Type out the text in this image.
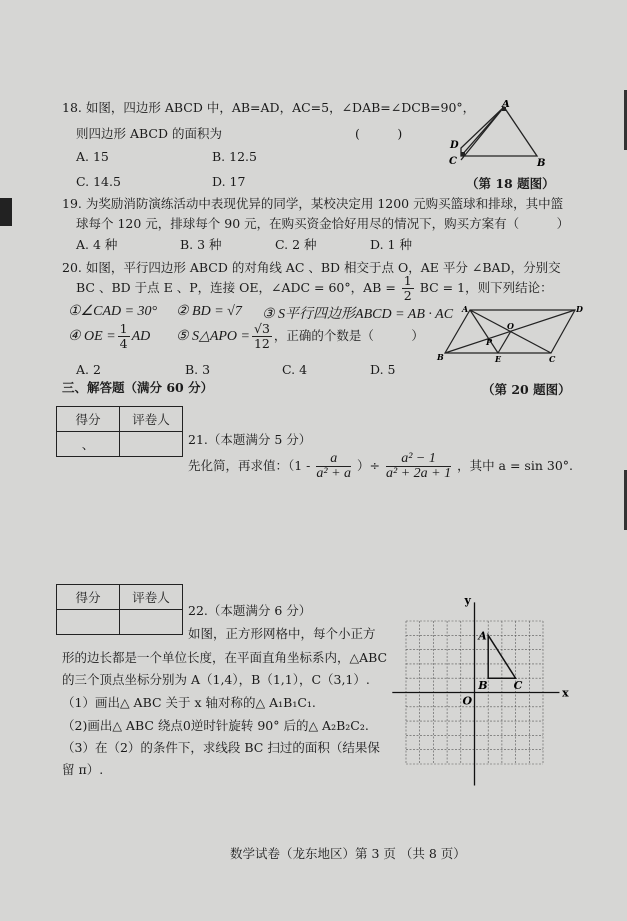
18. 如图，四边形 ABCD 中，AB=AD，AC=5，∠DAB=∠DCB=90°，
则四边形 ABCD 的面积为	(　　　)
A. 15	B. 12.5
C. 14.5	D. 17
A
D
C	B
（第 18 题图）
19. 为奖励消防演练活动中表现优异的同学，某校决定用 1200 元购买篮球和排球，其中篮
球每个 120 元，排球每个 90 元，在购买资金恰好用尽的情况下，购买方案有（　　　）
A. 4 种	B. 3 种	C. 2 种	D. 1 种
20. 如图，平行四边形 ABCD 的对角线 AC 、BD 相交于点 O，AE 平分 ∠BAD，分别交
BC 、BD 于点 E 、P，连接 OE，∠ADC = 60°，AB = $\frac{1}{2}$ BC = 1，则下列结论：
①∠CAD = 30° ② BD = √7 ③ S平行四边形ABCD = AB · AC
④ OE = $\frac{1}{4}$ AD ⑤ S△APO = $\frac{√3}{12}$ ，正确的个数是（　　　）
A. 2	B. 3	C. 4	D. 5
A	D
O
P
B	E	C
（第 20 题图）
三、解答题（满分 60 分）
得分	评卷人
、		21.（本题满分 5 分）
先化简，再求值：（$1 - \frac{a}{\text{a² + a}}$ ）÷ $\frac{\text{a² − 1}}{\text{a² + 2a + 1}}$ ，其中 a = sin 30°.
得分	评卷人

22.（本题满分 6 分）
如图，正方形网格中，每个小正方
形的边长都是一个单位长度，在平面直角坐标系内，△ABC
的三个顶点坐标分别为 A（1,4），B（1,1），C（3,1）.
（1）画出△ ABC 关于 x 轴对称的△ A₁B₁C₁.
（2)画出△ ABC 绕点0逆时针旋转 90° 后的△ A₂B₂C₂.
（3）在（2）的条件下，求线段 BC 扫过的面积（结果保
留 π）.
x
y
O
A
B C
数学试卷（龙东地区）第 3 页 （共 8 页）
